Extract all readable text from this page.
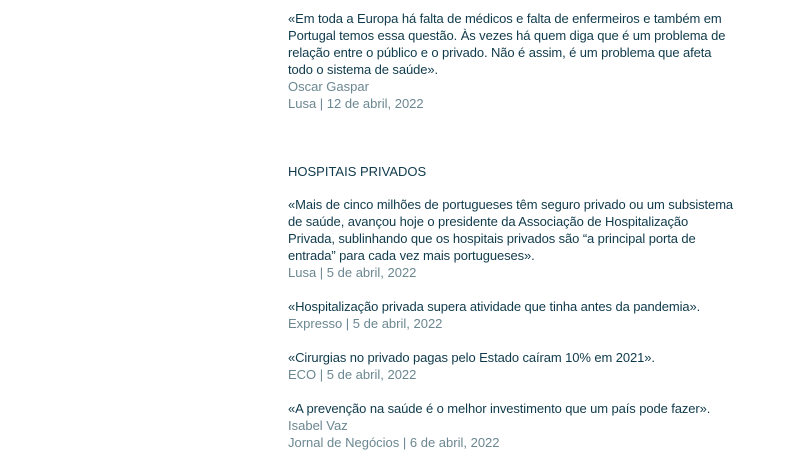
«Em toda a Europa há falta de médicos e falta de enfermeiros e também em Portugal temos essa questão. Às vezes há quem diga que é um problema de relação entre o público e o privado. Não é assim, é um problema que afeta todo o sistema de saúde».
Oscar Gaspar
Lusa | 12 de abril, 2022
HOSPITAIS PRIVADOS
«Mais de cinco milhões de portugueses têm seguro privado ou um subsistema de saúde, avançou hoje o presidente da Associação de Hospitalização Privada, sublinhando que os hospitais privados são “a principal porta de entrada” para cada vez mais portugueses».
Lusa | 5 de abril, 2022
«Hospitalização privada supera atividade que tinha antes da pandemia».
Expresso | 5 de abril, 2022
«Cirurgias no privado pagas pelo Estado caíram 10% em 2021».
ECO | 5 de abril, 2022
«A prevenção na saúde é o melhor investimento que um país pode fazer».
Isabel Vaz
Jornal de Negócios | 6 de abril, 2022
